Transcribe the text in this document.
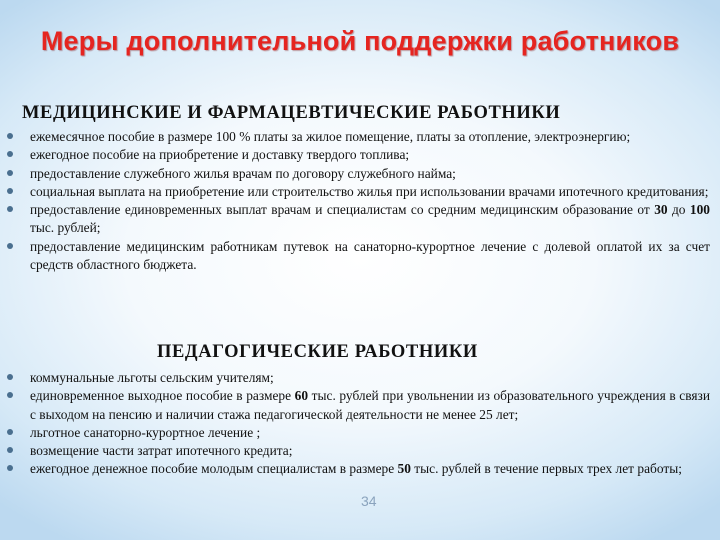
Меры дополнительной поддержки работников
МЕДИЦИНСКИЕ И ФАРМАЦЕВТИЧЕСКИЕ РАБОТНИКИ
ежемесячное пособие в размере 100 % платы за жилое помещение, платы за отопление, электроэнергию;
ежегодное пособие на приобретение и доставку твердого топлива;
предоставление служебного жилья врачам по договору служебного найма;
социальная выплата на приобретение или строительство жилья при использовании врачами ипотечного кредитования;
предоставление единовременных выплат врачам и специалистам со средним медицинским образование от 30 до 100 тыс. рублей;
предоставление медицинским работникам путевок на санаторно-курортное лечение с долевой оплатой их за счет средств областного бюджета.
ПЕДАГОГИЧЕСКИЕ РАБОТНИКИ
коммунальные льготы сельским учителям;
единовременное выходное пособие в размере 60 тыс. рублей при увольнении из образовательного учреждения в связи с выходом на пенсию и наличии стажа педагогической деятельности не менее 25 лет;
льготное санаторно-курортное лечение ;
возмещение части затрат ипотечного кредита;
ежегодное денежное пособие молодым специалистам в размере 50 тыс. рублей в течение первых трех лет работы;
34
